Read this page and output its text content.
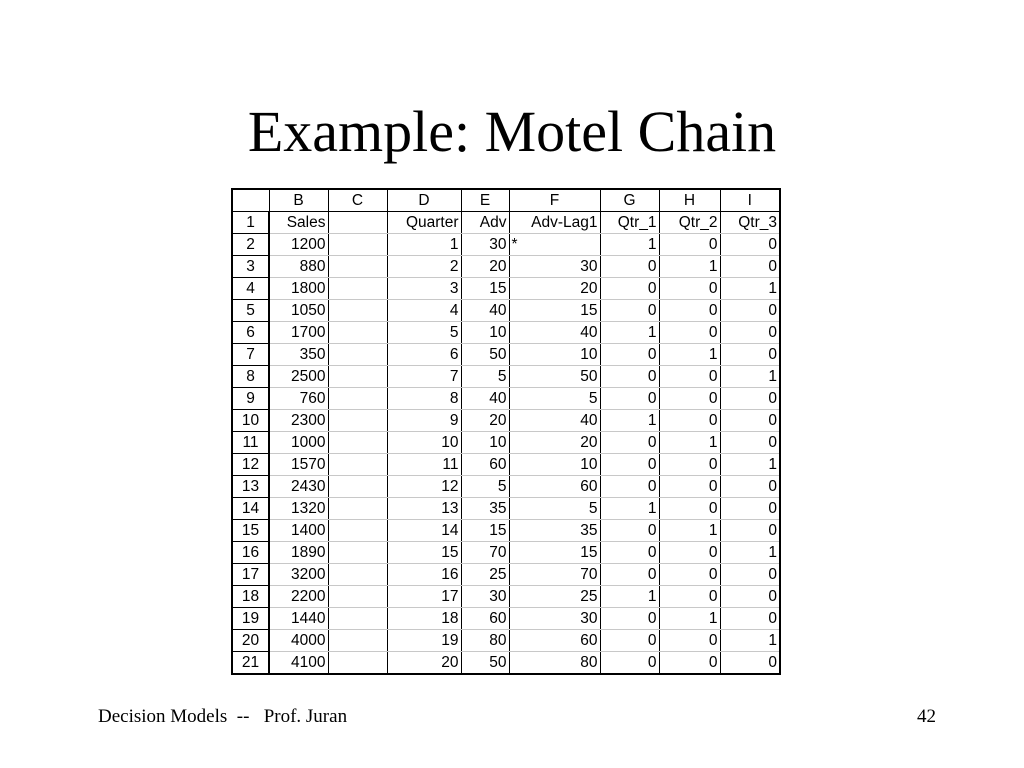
Example: Motel Chain
	B	C	D	E	F	G	H	I
1	Sales		Quarter	Adv	Adv-Lag1	Qtr_1	Qtr_2	Qtr_3
2	1200		1	30	*	1	0	0
3	880		2	20	30	0	1	0
4	1800		3	15	20	0	0	1
5	1050		4	40	15	0	0	0
6	1700		5	10	40	1	0	0
7	350		6	50	10	0	1	0
8	2500		7	5	50	0	0	1
9	760		8	40	5	0	0	0
10	2300		9	20	40	1	0	0
11	1000		10	10	20	0	1	0
12	1570		11	60	10	0	0	1
13	2430		12	5	60	0	0	0
14	1320		13	35	5	1	0	0
15	1400		14	15	35	0	1	0
16	1890		15	70	15	0	0	1
17	3200		16	25	70	0	0	0
18	2200		17	30	25	1	0	0
19	1440		18	60	30	0	1	0
20	4000		19	80	60	0	0	1
21	4100		20	50	80	0	0	0
Decision Models  --   Prof. Juran	42
